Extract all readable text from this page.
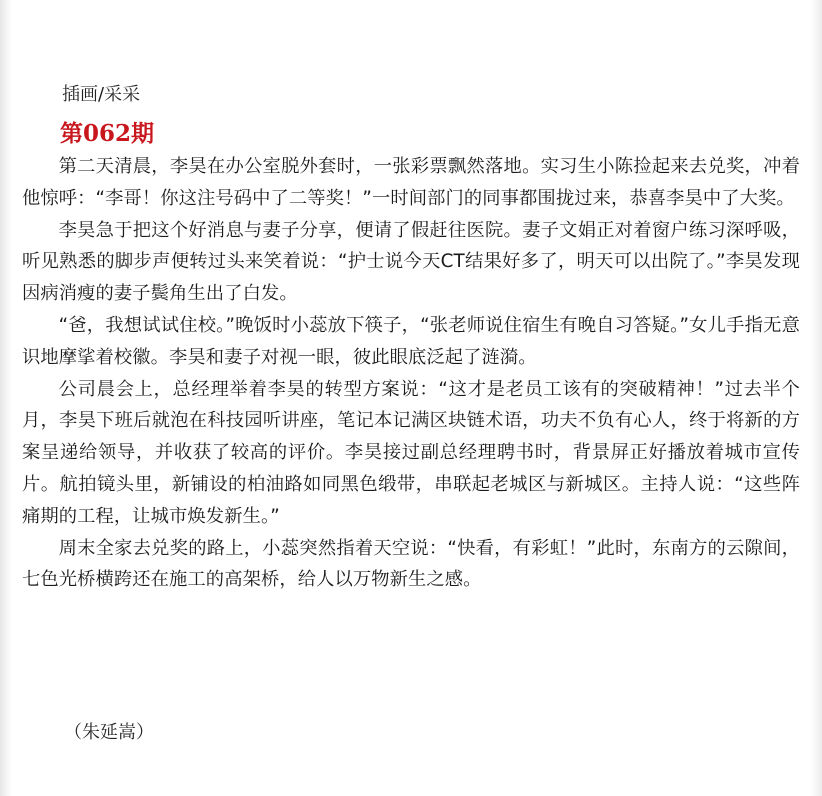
插画/采采
第062期

第二天清晨，李昊在办公室脱外套时，一张彩票飘然落地。实习生小陈捡起来去兑奖，冲着他惊呼：“李哥！你这注号码中了二等奖！”一时间部门的同事都围拢过来，恭喜李昊中了大奖。

李昊急于把这个好消息与妻子分享，便请了假赶往医院。妻子文娟正对着窗户练习深呼吸，听见熟悉的脚步声便转过头来笑着说：“护士说今天CT结果好多了，明天可以出院了。”李昊发现因病消瘦的妻子鬓角生出了白发。

“爸，我想试试住校。”晚饭时小蕊放下筷子，“张老师说住宿生有晚自习答疑。”女儿手指无意识地摩挲着校徽。李昊和妻子对视一眼，彼此眼底泛起了涟漪。

公司晨会上，总经理举着李昊的转型方案说：“这才是老员工该有的突破精神！”过去半个月，李昊下班后就泡在科技园听讲座，笔记本记满区块链术语，功夫不负有心人，终于将新的方案呈递给领导，并收获了较高的评价。李昊接过副总经理聘书时，背景屏正好播放着城市宣传片。航拍镜头里，新铺设的柏油路如同黑色缎带，串联起老城区与新城区。主持人说：“这些阵痛期的工程，让城市焕发新生。”

周末全家去兑奖的路上，小蕊突然指着天空说：“快看，有彩虹！”此时，东南方的云隙间，七色光桥横跨还在施工的高架桥，给人以万物新生之感。

（朱延嵩）
